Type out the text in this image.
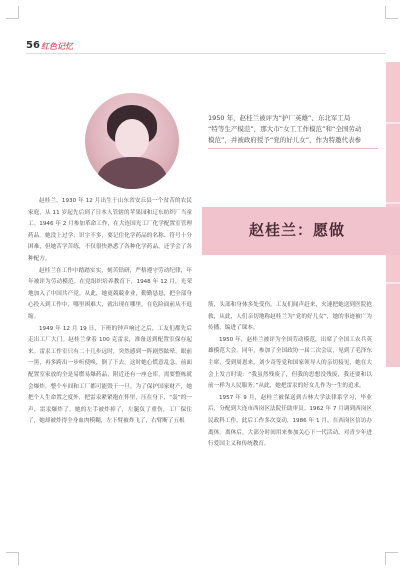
56 红色记忆

1950 年，赵桂兰被评为“护厂英雄”、东北军工局

“特等生产模范”，那大市“女工工作模范”和“全国劳动

模范”，并被政府授予“党的好儿女”，作为特邀代表参

赵桂兰：愿做

赵桂兰，1930 年 12 月出生于山东省安丘县一个贫苦的农民家庭，从 11 岁起先后到了日本人管辖的苹果园和辽东纺织厂当童工。1946 年 2 月参加革命工作，在大连国光工厂化学配置室管理药品。她没上过学，识字不多，要记住化学药品的名称、符号十分困难，但她苦学苦练，不仅很快熟悉了各种化学药品，还学会了各种配方。

赵桂兰在工作中踏踏实实，刻苦钻研，严格遵守劳动纪律，年年被评为劳动模范。在党组织培养教育下，1948 年 12 月，光荣地加入了中国共产党。从此，她更兢兢业业，勤勤恳恳，把全部身心投入到工作中，哪里困难大，就出现在哪里，在危险面前从不退缩。

1949 年 12 月 19 日，下班的钟声响过之后，工友们都先后走出工厂大门。赵桂兰拿着 100 克雷汞，准备送到配置室保存起来。雷汞工作室只有二十几步远时，突然感到一阵剧烈眩晕，眼前一黑，再多跨出一步听使唤，倒了下去。这时她心慌意乱急，前面配置室家放的全是易燃易爆药品，附近还有一座仓库，需要整栋就会爆炸，整个车间和工厂都可能毁于一旦。为了保护国家财产，她把个人生命置之度外，把雷汞紧紧抱在怀里，压在身下，“轰”的一声，雷汞爆炸了，她的左手被炸掉了，左腿负了重伤，工厂保住了，她却被炸得全身血肉模糊，左下臂被炸飞了，右臂断了五根

筋，头部和身体多处受伤。工友们闻声赶来，火速把她送到医院抢救，从此，人们亲切地称赵桂兰为“党的好儿女”，她的事迹被广为传播，编进了课本。

1950 年，赵桂兰被评为全国劳动模范，出席了全国工农兵英雄模范大会，同年，参加了全国政协一届二次会议，见到了毛泽东主席，受到周恩来、刘少奇等党和国家领导人的亲切接见，她在大会上发言时说：“我虽然残废了，但我的思想没残废，我还要和以前一样为人民服务。”从此，她把雷汞的好女儿作为一生的追求。

1957 年 9 月，赵桂兰被保送到吉林大学法律系学习，毕业后，分配到大连市西岗区法院任助审员。1962 年 7 月调到西岗区民政科工作。此后工作多次变动，1986 年 1 月，在西岗区信访办离休。离休后，大部分时间用来参加关心下一代活动，对青少年进行爱国主义和传统教育。
